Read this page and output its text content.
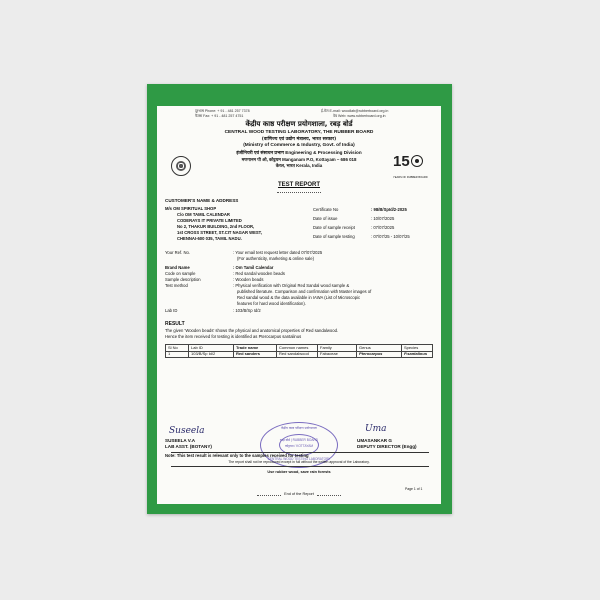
दूरभाष Phone: + 91 - 481 257 7378
फैक्स Fax: + 91 - 481 257 4751
ई-मेल E-mail: woodlab@rubberboard.org.in
वेब Web: www.rubberboard.org.in
केंद्रीय काष्ठ परीक्षण प्रयोगशाला, रबड़ बोर्ड
CENTRAL WOOD TESTING LABORATORY, THE RUBBER BOARD
(वाणिज्य एवं उद्योग मंत्रालय, भारत सरकार)
(Ministry of Commerce & Industry, Govt. of India)
इंजीनियरी एवं संसाधन प्रभाग Engineering & Processing Division
मणगानम पी ओ, कोट्टयम Manganam P.O, Kottayam – 686 018
केरल, भारत Kerala, India	15
YEARS OF RUBBER BOARD
TEST REPORT
CUSTOMER'S NAME & ADDRESS
M/s OM SPIRITUAL SHOP
C/o OM TAMIL CALENDAR
CODERAYS IT PRIVATE LIMITED
No 2, THAKUR BUILDING, 2nd FLOOR,
1st CROSS STREET, ST.CIT NAGAR WEST,
CHENNAI-600 035, TAMIL NADU.
Certificate No	: 98/B/SpId/2-2025
Date of issue	: 10/07/2025
Date of sample receipt	: 07/07/2025
Date of sample testing	: 07/07/25 - 10/07/25
Your Ref. No.	: Your email test request letter dated 07/07/2025
(For authenticity, marketing & online sale)
Brand Name	: Om Tamil Calendar
Code on sample	: Red sandal wooden beads
Sample description	: Wooden beads
Test method	: Physical verification with Original Red Sandal wood sample &
published literature. Comparison and confirmation with Master images of
Red sandal wood & the data available in IAWA (List of Microscopic
features for hard wood identification).
Lab ID	: 103/B/Sp Id/2
RESULT
The given 'Wooden beads' shows the physical and anatomical properties of Red sandalwood.
Hence the item received for testing is identified as Pterocarpus santalinus
Sl No	Lab ID	Trade name	Common names	Family	Genus	Species
1	103/B/Sp Id/2	Red sanders	Red sandalwood	Fabaceae	Pterocarpus	P.santalinus
केंद्रीय काष्ठ परीक्षण प्रयोगशाला
रबड़ बोर्ड | RUBBER BOARD
कोट्टयम / KOTTAYAM
CENTRAL WOOD TESTING LABORATORY
Suseela
SUSEELA V.A
LAB ASST. (BOTANY)
Uma
UMASANKAR G
DEPUTY DIRECTOR (Engg)
Note: This test result is relevant only to the samples received for testing
The report shall not be reproduced except in full without the written approval of the Laboratory.
Use rubber wood, save rain forests
Page 1 of 1
End of the Report
